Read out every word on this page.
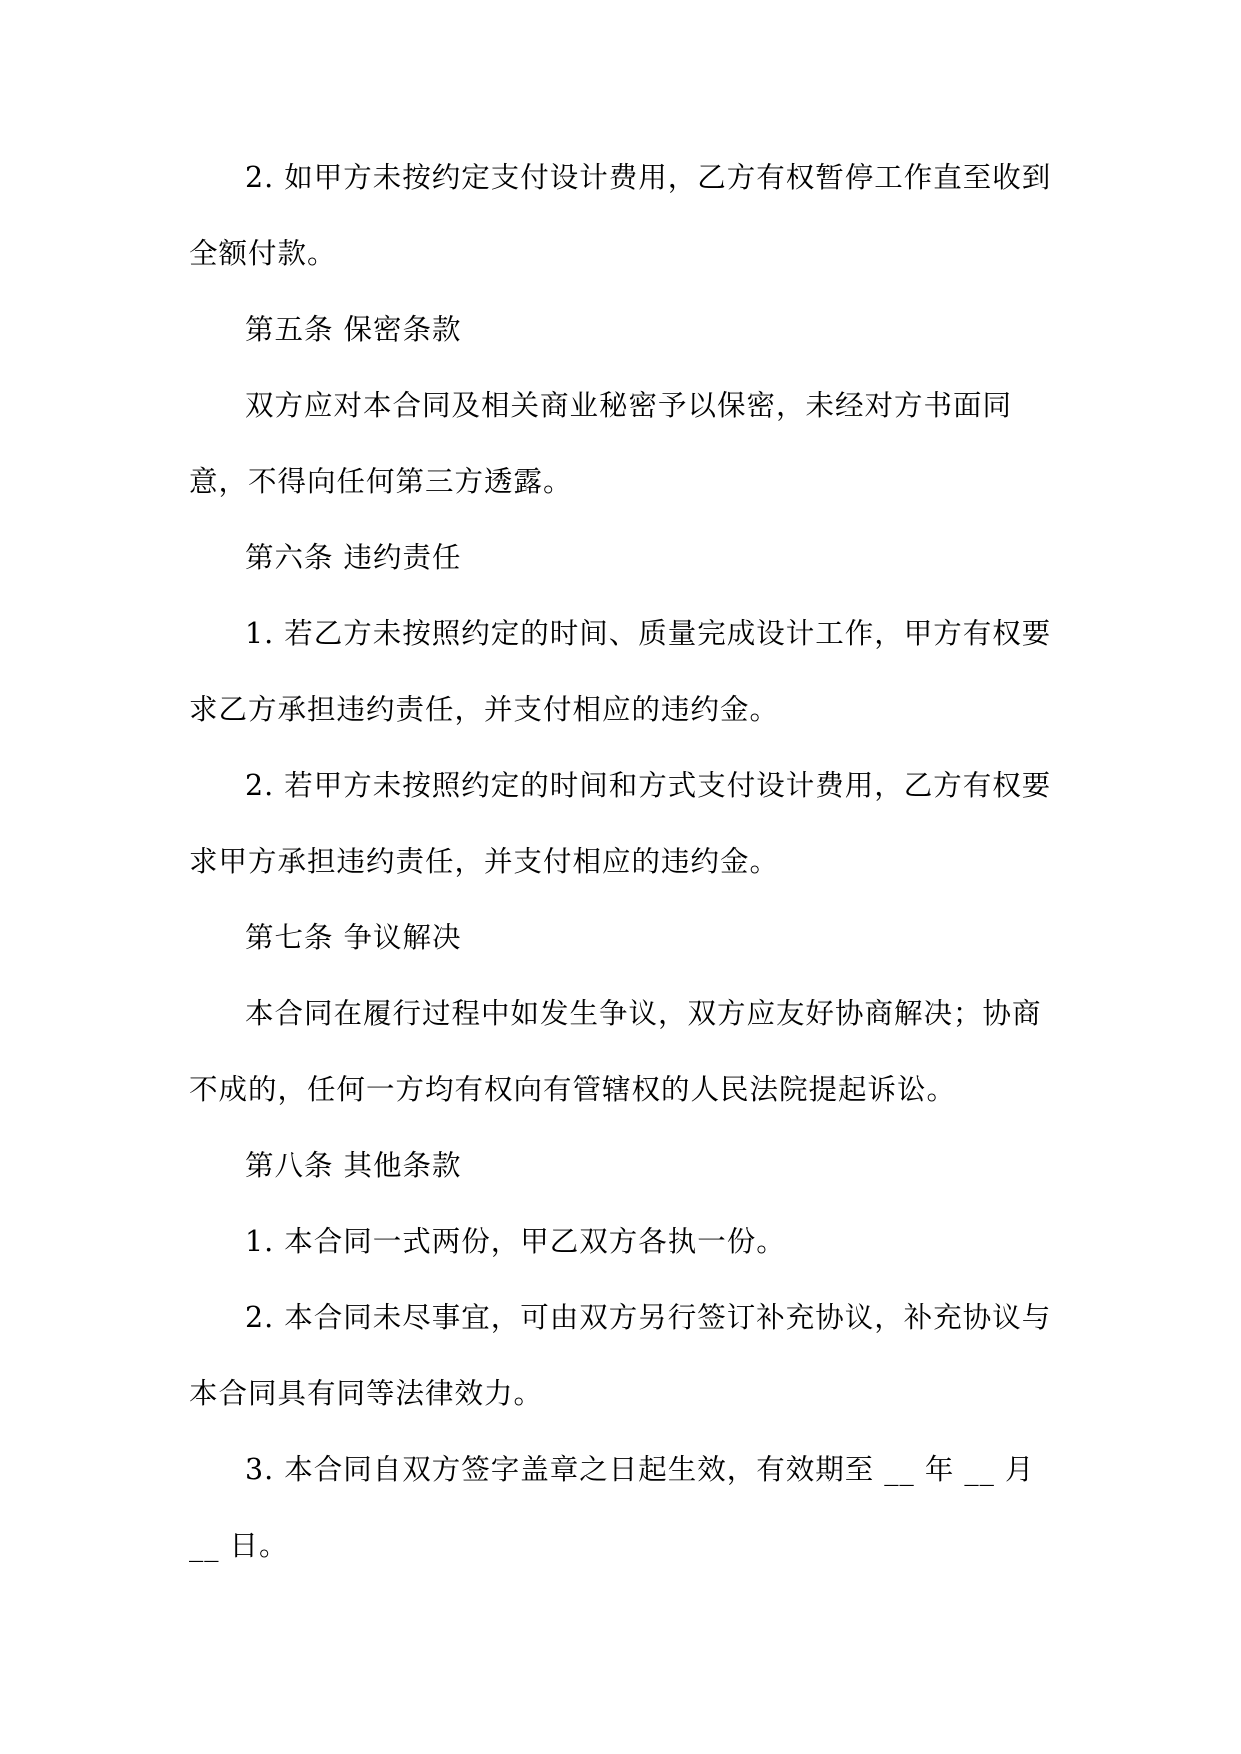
2. 如甲方未按约定支付设计费用，乙方有权暂停工作直至收到全额付款。

第五条 保密条款

双方应对本合同及相关商业秘密予以保密，未经对方书面同意，不得向任何第三方透露。

第六条 违约责任

1. 若乙方未按照约定的时间、质量完成设计工作，甲方有权要求乙方承担违约责任，并支付相应的违约金。

2. 若甲方未按照约定的时间和方式支付设计费用，乙方有权要求甲方承担违约责任，并支付相应的违约金。

第七条 争议解决

本合同在履行过程中如发生争议，双方应友好协商解决；协商不成的，任何一方均有权向有管辖权的人民法院提起诉讼。

第八条 其他条款

1. 本合同一式两份，甲乙双方各执一份。

2. 本合同未尽事宜，可由双方另行签订补充协议，补充协议与本合同具有同等法律效力。

3. 本合同自双方签字盖章之日起生效，有效期至 __ 年 __ 月 __ 日。
